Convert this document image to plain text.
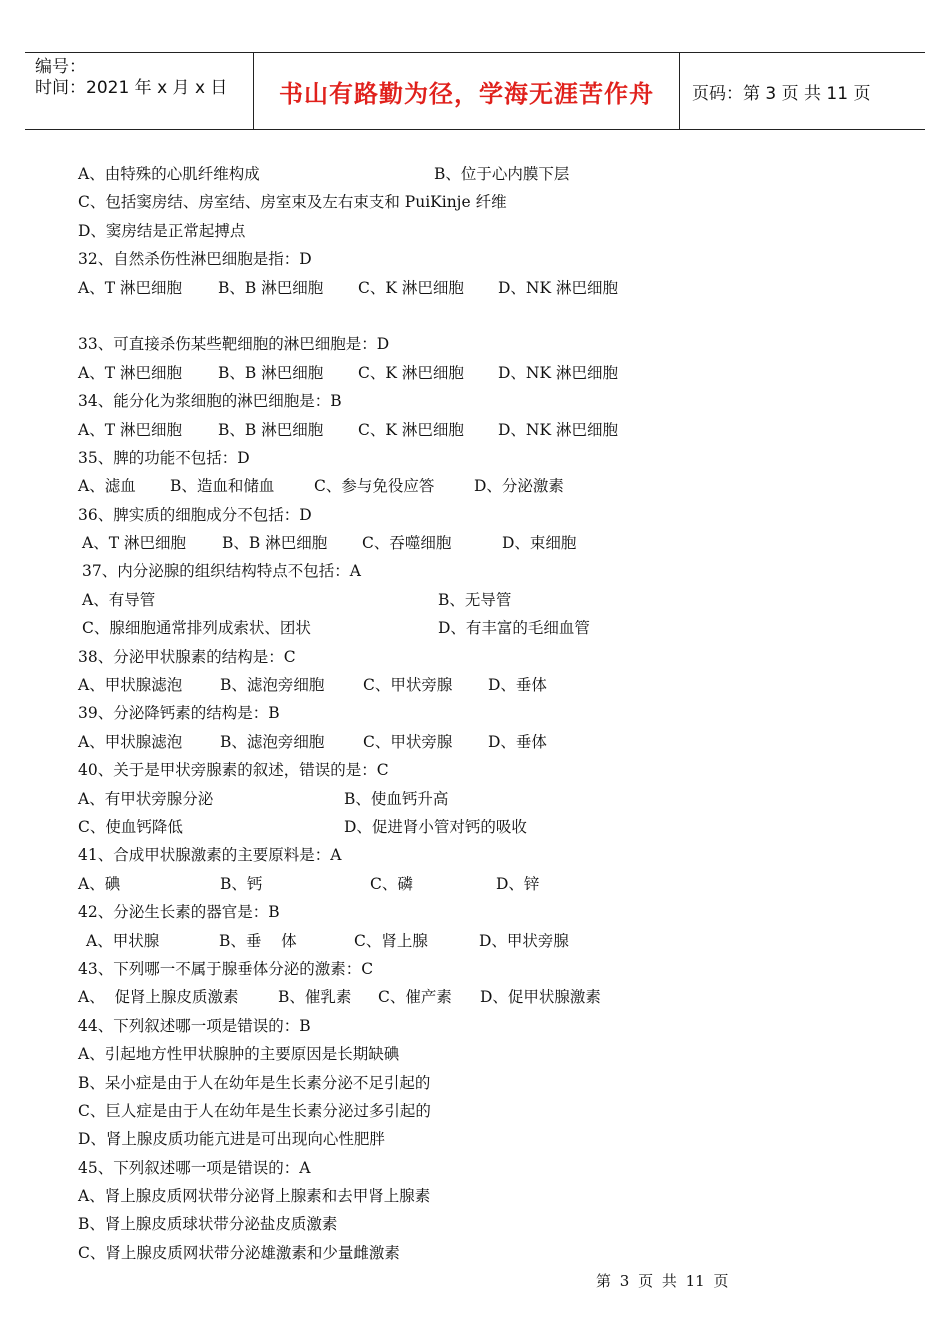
编号：
时间：2021 年 x 月 x 日	书山有路勤为径，学海无涯苦作舟 页码：第 3 页 共 11 页
A、由特殊的心肌纤维构成	B、位于心内膜下层
C、包括窦房结、房室结、房室束及左右束支和 PuiKinje 纤维
D、窦房结是正常起搏点
32、自然杀伤性淋巴细胞是指：D
A、T 淋巴细胞 B、B 淋巴细胞 C、K 淋巴细胞 D、NK 淋巴细胞
33、可直接杀伤某些靶细胞的淋巴细胞是：D
A、T 淋巴细胞 B、B 淋巴细胞 C、K 淋巴细胞 D、NK 淋巴细胞
34、能分化为浆细胞的淋巴细胞是：B
A、T 淋巴细胞 B、B 淋巴细胞 C、K 淋巴细胞 D、NK 淋巴细胞
35、脾的功能不包括：D
A、滤血 B、造血和储血	C、参与免役应答	D、分泌激素
36、脾实质的细胞成分不包括：D
A、T 淋巴细胞 B、B 淋巴细胞 C、吞噬细胞	D、束细胞
37、内分泌腺的组织结构特点不包括：A
A、有导管	B、无导管
C、腺细胞通常排列成索状、团状	D、有丰富的毛细血管
38、分泌甲状腺素的结构是：C
A、甲状腺滤泡 B、滤泡旁细胞 C、甲状旁腺 D、垂体
39、分泌降钙素的结构是：B
A、甲状腺滤泡 B、滤泡旁细胞 C、甲状旁腺 D、垂体
40、关于是甲状旁腺素的叙述，错误的是：C
A、有甲状旁腺分泌	B、使血钙升高
C、使血钙降低	D、促进肾小管对钙的吸收
41、合成甲状腺激素的主要原料是：A
A、碘	B、钙	C、磷	D、锌
42、分泌生长素的器官是：B
A、甲状腺	B、垂    体	C、肾上腺	D、甲状旁腺
43、下列哪一不属于腺垂体分泌的激素：C
A、  促肾上腺皮质激素	B、催乳素 C、催产素 D、促甲状腺激素
44、下列叙述哪一项是错误的：B
A、引起地方性甲状腺肿的主要原因是长期缺碘
B、呆小症是由于人在幼年是生长素分泌不足引起的
C、巨人症是由于人在幼年是生长素分泌过多引起的
D、肾上腺皮质功能亢进是可出现向心性肥胖
45、下列叙述哪一项是错误的：A
A、肾上腺皮质网状带分泌肾上腺素和去甲肾上腺素
B、肾上腺皮质球状带分泌盐皮质激素
C、肾上腺皮质网状带分泌雄激素和少量雌激素
第 3 页 共 11 页
